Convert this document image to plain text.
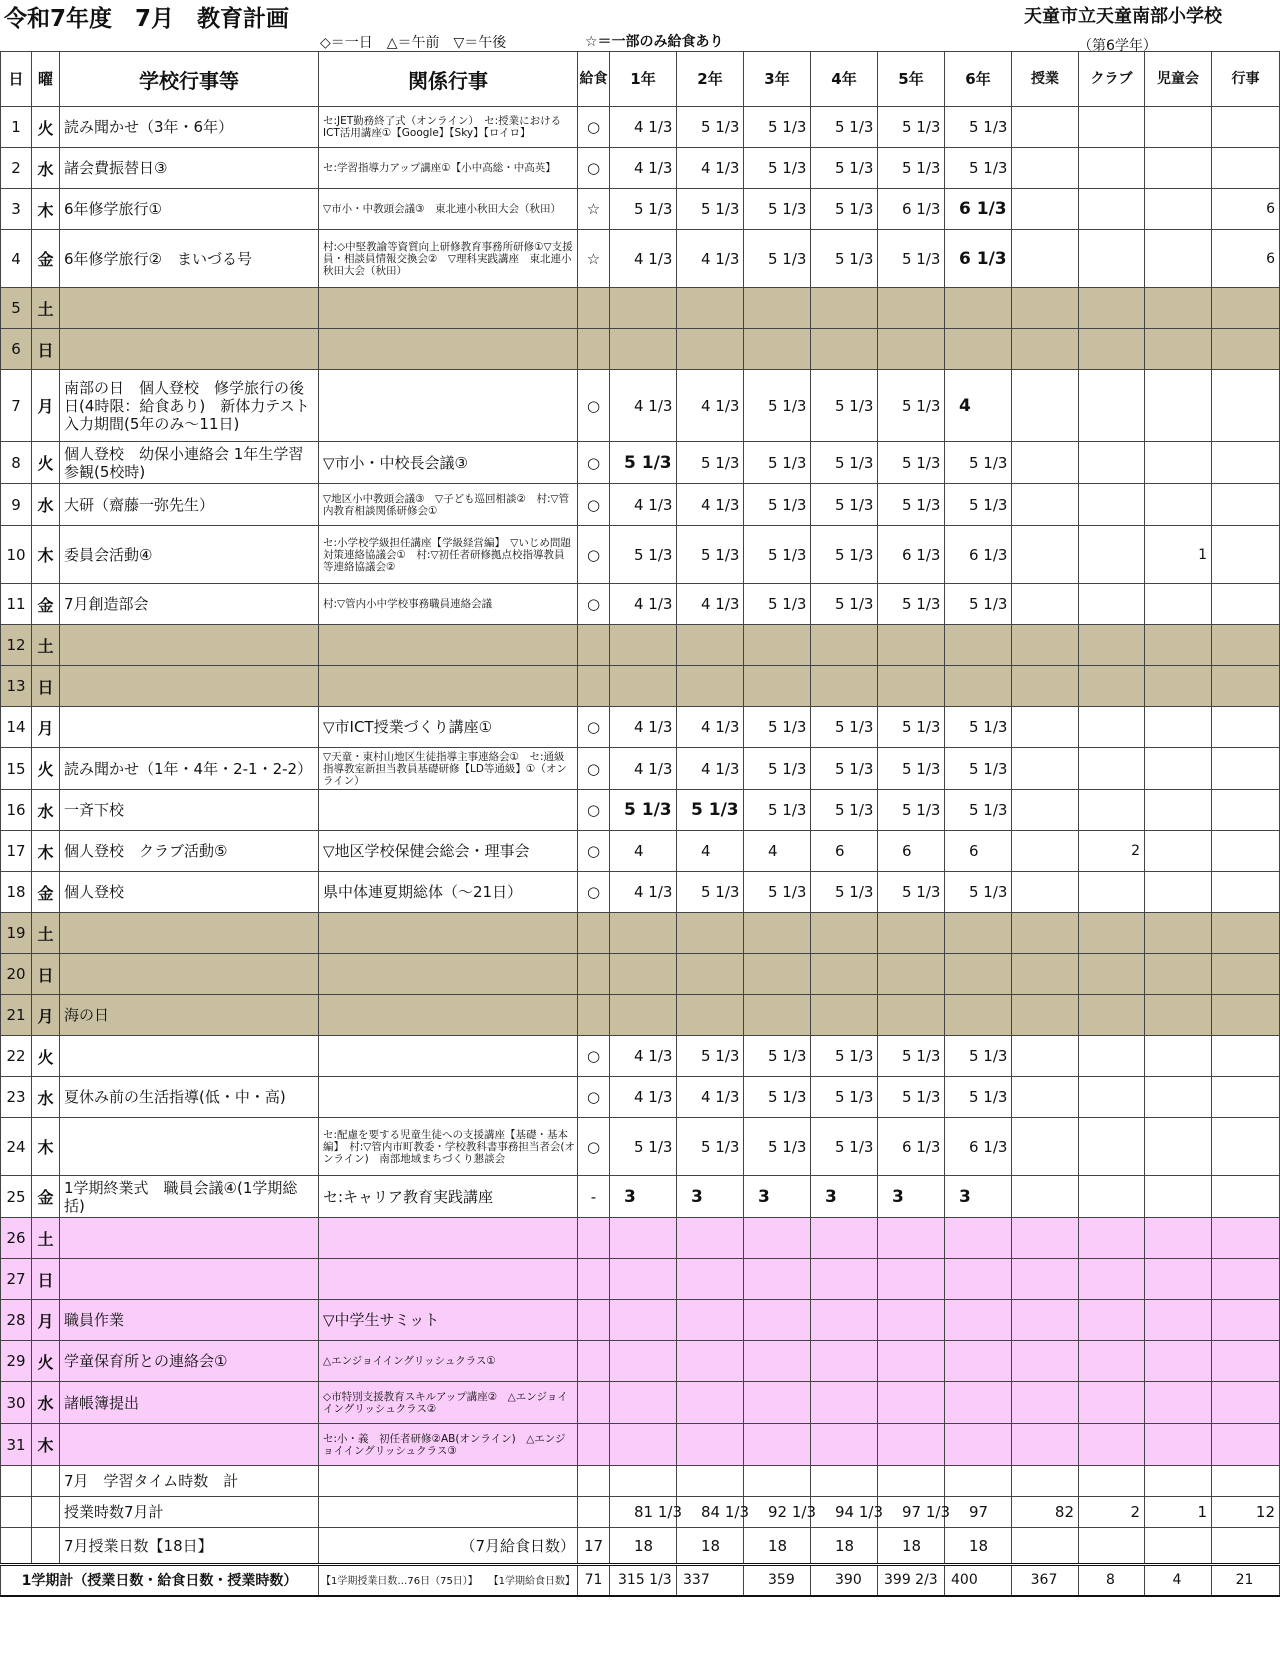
令和7年度　7月　教育計画	天童市立天童南部小学校
◇＝一日　△＝午前　▽＝午後	☆＝一部のみ給食あり	（第6学年）
日	曜	学校行事等	関係行事	給食	1年	2年	3年	4年	5年	6年	授業	クラブ	児童会	行事
1	火	読み聞かせ（3年・6年）	セ:JET勤務終了式（オンライン）　セ:授業におけるICT活用講座①【Google】【Sky】【ロイロ】	○	4 1/3	5 1/3	5 1/3	5 1/3	5 1/3	5 1/3				
2	水	諸会費振替日③	セ:学習指導力アップ講座①【小中高総・中高英】	○	4 1/3	4 1/3	5 1/3	5 1/3	5 1/3	5 1/3				
3	木	6年修学旅行①	▽市小・中教頭会議③　東北連小秋田大会（秋田）	☆	5 1/3	5 1/3	5 1/3	5 1/3	6 1/3	6 1/3				6
4	金	6年修学旅行②　まいづる号	村:◇中堅教諭等資質向上研修教育事務所研修①▽支援員・相談員情報交換会②　▽理科実践講座　東北連小秋田大会（秋田）	☆	4 1/3	4 1/3	5 1/3	5 1/3	5 1/3	6 1/3				6
5	土													
6	日													
7	月	南部の日　個人登校　修学旅行の後日(4時限：給食あり)　新体力テスト入力期間(5年のみ～11日)		○	4 1/3	4 1/3	5 1/3	5 1/3	5 1/3	4				
8	火	個人登校　幼保小連絡会 1年生学習参観(5校時)	▽市小・中校長会議③	○	5 1/3	5 1/3	5 1/3	5 1/3	5 1/3	5 1/3				
9	水	大研（齋藤一弥先生）	▽地区小中教頭会議③　▽子ども巡回相談②　村:▽管内教育相談関係研修会①	○	4 1/3	4 1/3	5 1/3	5 1/3	5 1/3	5 1/3				
10	木	委員会活動④	セ:小学校学級担任講座【学級経営編】　▽いじめ問題対策連絡協議会①　村:▽初任者研修拠点校指導教員等連絡協議会②	○	5 1/3	5 1/3	5 1/3	5 1/3	6 1/3	6 1/3			1	
11	金	7月創造部会	村:▽管内小中学校事務職員連絡会議	○	4 1/3	4 1/3	5 1/3	5 1/3	5 1/3	5 1/3				
12	土													
13	日													
14	月		▽市ICT授業づくり講座①	○	4 1/3	4 1/3	5 1/3	5 1/3	5 1/3	5 1/3				
15	火	読み聞かせ（1年・4年・2-1・2-2）	▽天童・東村山地区生徒指導主事連絡会①　セ:通級指導教室新担当教員基礎研修【LD等通級】①（オンライン）	○	4 1/3	4 1/3	5 1/3	5 1/3	5 1/3	5 1/3				
16	水	一斉下校		○	5 1/3	5 1/3	5 1/3	5 1/3	5 1/3	5 1/3				
17	木	個人登校　クラブ活動⑤	▽地区学校保健会総会・理事会	○	4	4	4	6	6	6		2		
18	金	個人登校	県中体連夏期総体（～21日）	○	4 1/3	5 1/3	5 1/3	5 1/3	5 1/3	5 1/3				
19	土													
20	日													
21	月	海の日												
22	火			○	4 1/3	5 1/3	5 1/3	5 1/3	5 1/3	5 1/3				
23	水	夏休み前の生活指導(低・中・高)		○	4 1/3	4 1/3	5 1/3	5 1/3	5 1/3	5 1/3				
24	木		セ:配慮を要する児童生徒への支援講座【基礎・基本編】　村:▽管内市町教委・学校教科書事務担当者会(オンライン)　南部地域まちづくり懇談会	○	5 1/3	5 1/3	5 1/3	5 1/3	6 1/3	6 1/3				
25	金	1学期終業式　職員会議④(1学期総括)	セ:キャリア教育実践講座	-	3	3	3	3	3	3				
26	土													
27	日													
28	月	職員作業	▽中学生サミット											
29	火	学童保育所との連絡会①	△エンジョイイングリッシュクラス①											
30	水	諸帳簿提出	◇市特別支援教育スキルアップ講座②　△エンジョイイングリッシュクラス②											
31	木		セ:小・義　初任者研修②AB(オンライン)　△エンジョイイングリッシュクラス③											
		7月　学習タイム時数　計												
		授業時数7月計			81 1/3	84 1/3	92 1/3	94 1/3	97 1/3	97	82	2	1	12
		7月授業日数【18日】	（7月給食日数）	17	18	18	18	18	18	18				
1学期計（授業日数・給食日数・授業時数）			【1学期授業日数…76日（75日）】 【1学期給食日数】	71	315 1/3	337	359	390	399 2/3	400	367	8	4	21
